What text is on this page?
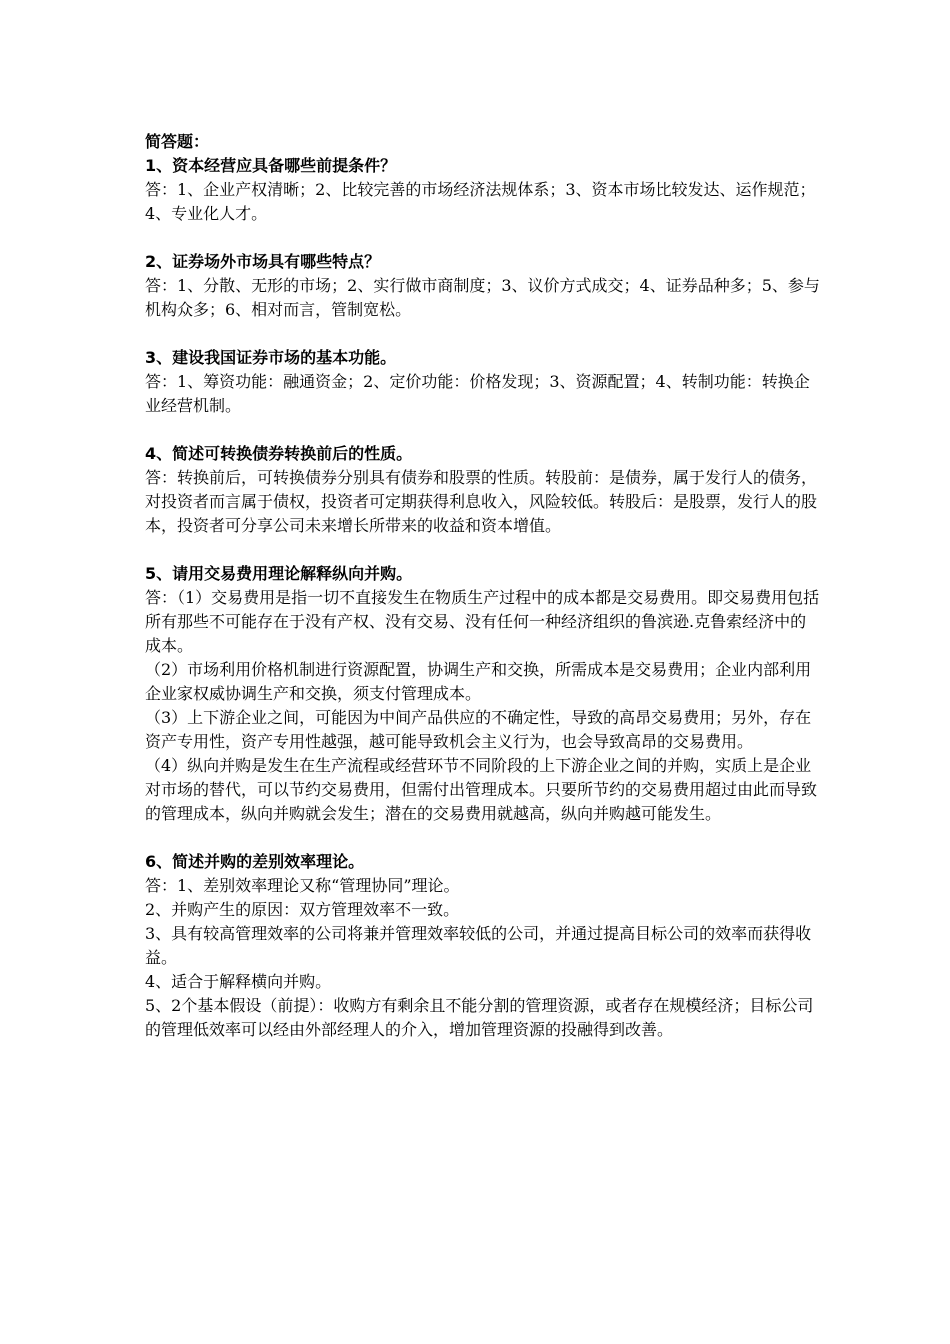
简答题：

1、资本经营应具备哪些前提条件？

答：1、企业产权清晰；2、比较完善的市场经济法规体系；3、资本市场比较发达、运作规范；4、专业化人才。

2、证券场外市场具有哪些特点？

答：1、分散、无形的市场；2、实行做市商制度；3、议价方式成交；4、证券品种多；5、参与机构众多；6、相对而言，管制宽松。

3、建设我国证券市场的基本功能。

答：1、筹资功能：融通资金；2、定价功能：价格发现；3、资源配置；4、转制功能：转换企业经营机制。

4、简述可转换债券转换前后的性质。

答：转换前后，可转换债券分别具有债券和股票的性质。转股前：是债券，属于发行人的债务，对投资者而言属于债权，投资者可定期获得利息收入，风险较低。转股后：是股票，发行人的股本，投资者可分享公司未来增长所带来的收益和资本增值。

5、请用交易费用理论解释纵向并购。

答：（1）交易费用是指一切不直接发生在物质生产过程中的成本都是交易费用。即交易费用包括所有那些不可能存在于没有产权、没有交易、没有任何一种经济组织的鲁滨逊.克鲁索经济中的成本。

（2）市场利用价格机制进行资源配置，协调生产和交换，所需成本是交易费用；企业内部利用企业家权威协调生产和交换，须支付管理成本。

（3）上下游企业之间，可能因为中间产品供应的不确定性，导致的高昂交易费用；另外，存在资产专用性，资产专用性越强，越可能导致机会主义行为，也会导致高昂的交易费用。

（4）纵向并购是发生在生产流程或经营环节不同阶段的上下游企业之间的并购，实质上是企业对市场的替代，可以节约交易费用，但需付出管理成本。只要所节约的交易费用超过由此而导致的管理成本，纵向并购就会发生；潜在的交易费用就越高，纵向并购越可能发生。

6、简述并购的差别效率理论。

答：1、差别效率理论又称“管理协同”理论。

2、并购产生的原因：双方管理效率不一致。

3、具有较高管理效率的公司将兼并管理效率较低的公司，并通过提高目标公司的效率而获得收益。

4、适合于解释横向并购。

5、2个基本假设（前提）：收购方有剩余且不能分割的管理资源，或者存在规模经济；目标公司的管理低效率可以经由外部经理人的介入，增加管理资源的投融得到改善。
